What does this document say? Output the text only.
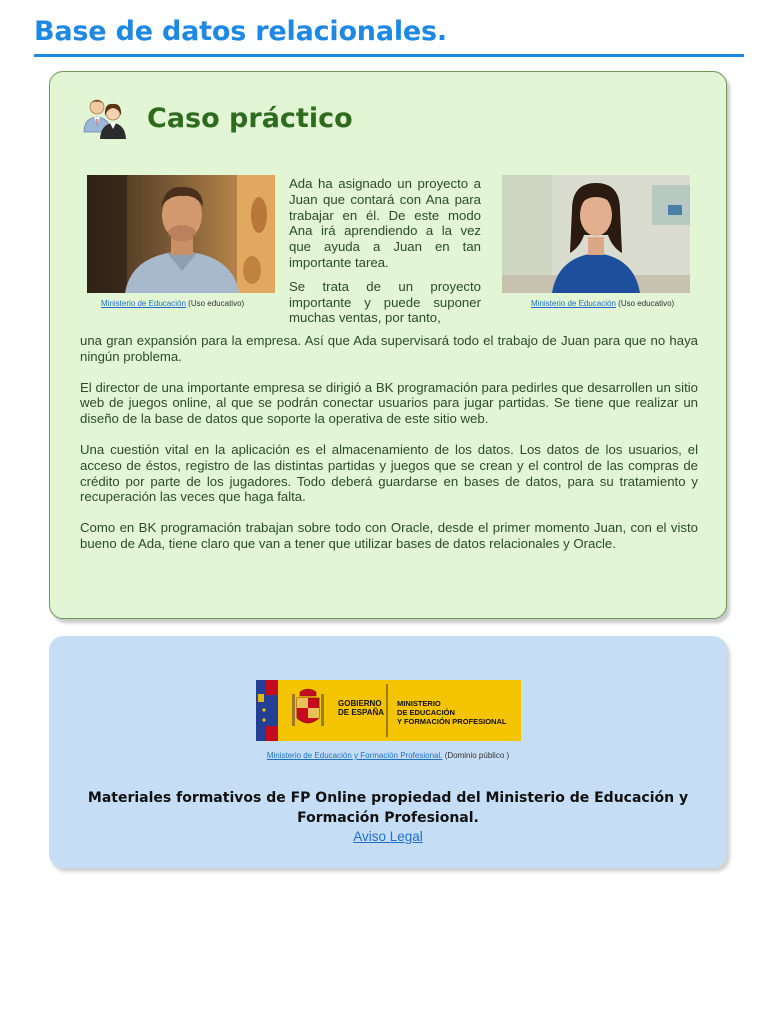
Base de datos relacionales.
Caso práctico
Ministerio de Educación (Uso educativo)

Ada ha asignado un proyecto a Juan que contará con Ana para trabajar en él. De este modo Ana irá aprendiendo a la vez que ayuda a Juan en tan importante tarea.

Se trata de un proyecto importante y puede suponer muchas ventas, por tanto,

Ministerio de Educación (Uso educativo)

una gran expansión para la empresa. Así que Ada supervisará todo el trabajo de Juan para que no haya ningún problema.

El director de una importante empresa se dirigió a BK programación para pedirles que desarrollen un sitio web de juegos online, al que se podrán conectar usuarios para jugar partidas. Se tiene que realizar un diseño de la base de datos que soporte la operativa de este sitio web.

Una cuestión vital en la aplicación es el almacenamiento de los datos. Los datos de los usuarios, el acceso de éstos, registro de las distintas partidas y juegos que se crean y el control de las compras de crédito por parte de los jugadores. Todo deberá guardarse en bases de datos, para su tratamiento y recuperación las veces que haga falta.

Como en BK programación trabajan sobre todo con Oracle, desde el primer momento Juan, con el visto bueno de Ada, tiene claro que van a tener que utilizar bases de datos relacionales y Oracle.

GOBIERNO
DE ESPAÑA
MINISTERIO
DE EDUCACIÓN
Y FORMACIÓN PROFESIONAL
Ministerio de Educación y Formación Profesional. (Dominio público )
Materiales formativos de FP Online propiedad del Ministerio de Educación y Formación Profesional.
Aviso Legal
